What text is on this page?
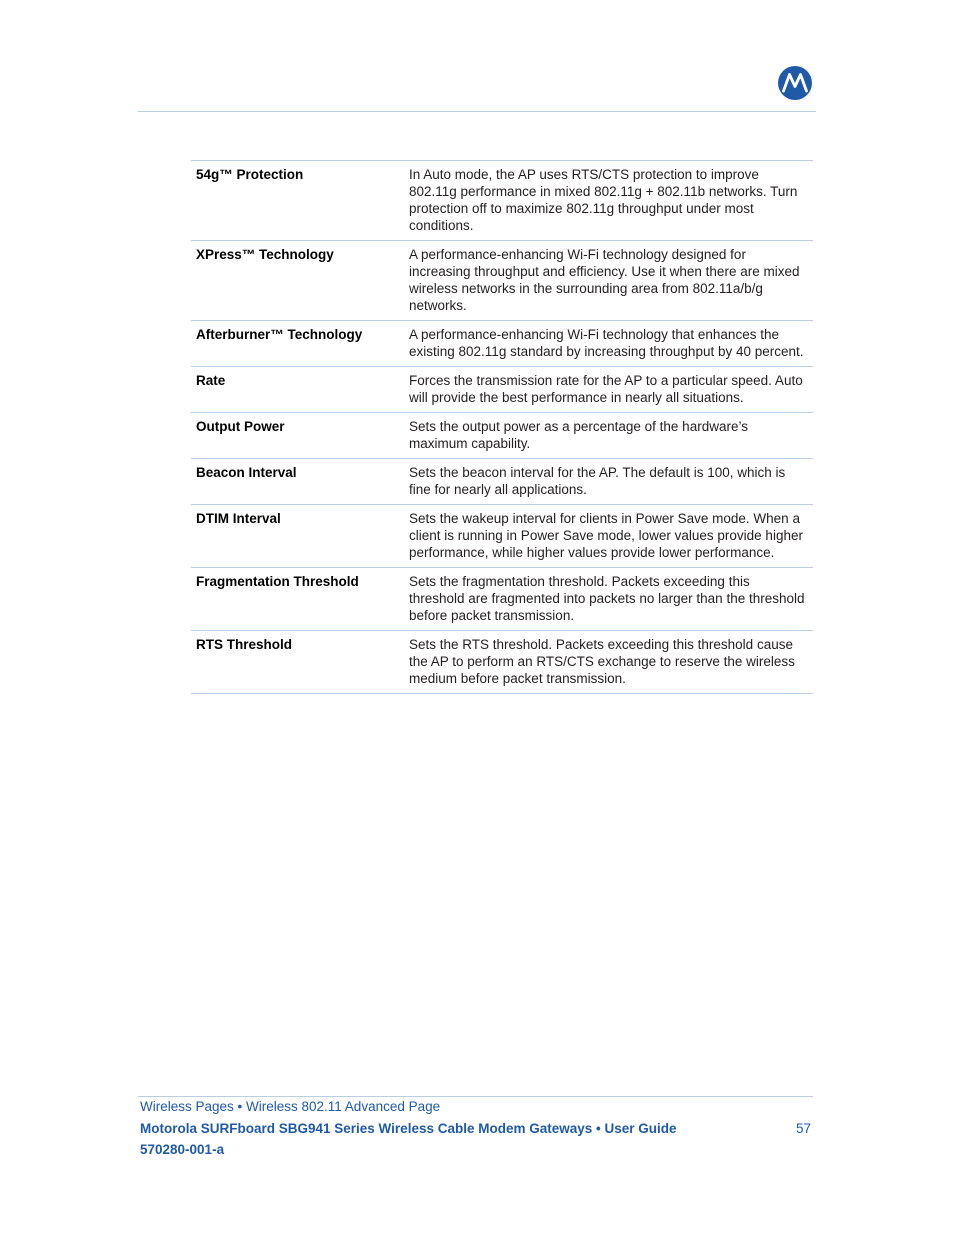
54g™ Protection	In Auto mode, the AP uses RTS/CTS protection to improve 802.11g performance in mixed 802.11g + 802.11b networks. Turn protection off to maximize 802.11g throughput under most conditions.
XPress™ Technology	A performance-enhancing Wi-Fi technology designed for increasing throughput and efficiency. Use it when there are mixed wireless networks in the surrounding area from 802.11a/b/g networks.
Afterburner™ Technology	A performance-enhancing Wi-Fi technology that enhances the existing 802.11g standard by increasing throughput by 40 percent.
Rate	Forces the transmission rate for the AP to a particular speed. Auto will provide the best performance in nearly all situations.
Output Power	Sets the output power as a percentage of the hardware’s maximum capability.
Beacon Interval	Sets the beacon interval for the AP. The default is 100, which is fine for nearly all applications.
DTIM Interval	Sets the wakeup interval for clients in Power Save mode. When a client is running in Power Save mode, lower values provide higher performance, while higher values provide lower performance.
Fragmentation Threshold	Sets the fragmentation threshold. Packets exceeding this threshold are fragmented into packets no larger than the threshold before packet transmission.
RTS Threshold	Sets the RTS threshold. Packets exceeding this threshold cause the AP to perform an RTS/CTS exchange to reserve the wireless medium before packet transmission.
Wireless Pages • Wireless 802.11 Advanced Page
Motorola SURFboard SBG941 Series Wireless Cable Modem Gateways • User Guide
570280-001-a
57
